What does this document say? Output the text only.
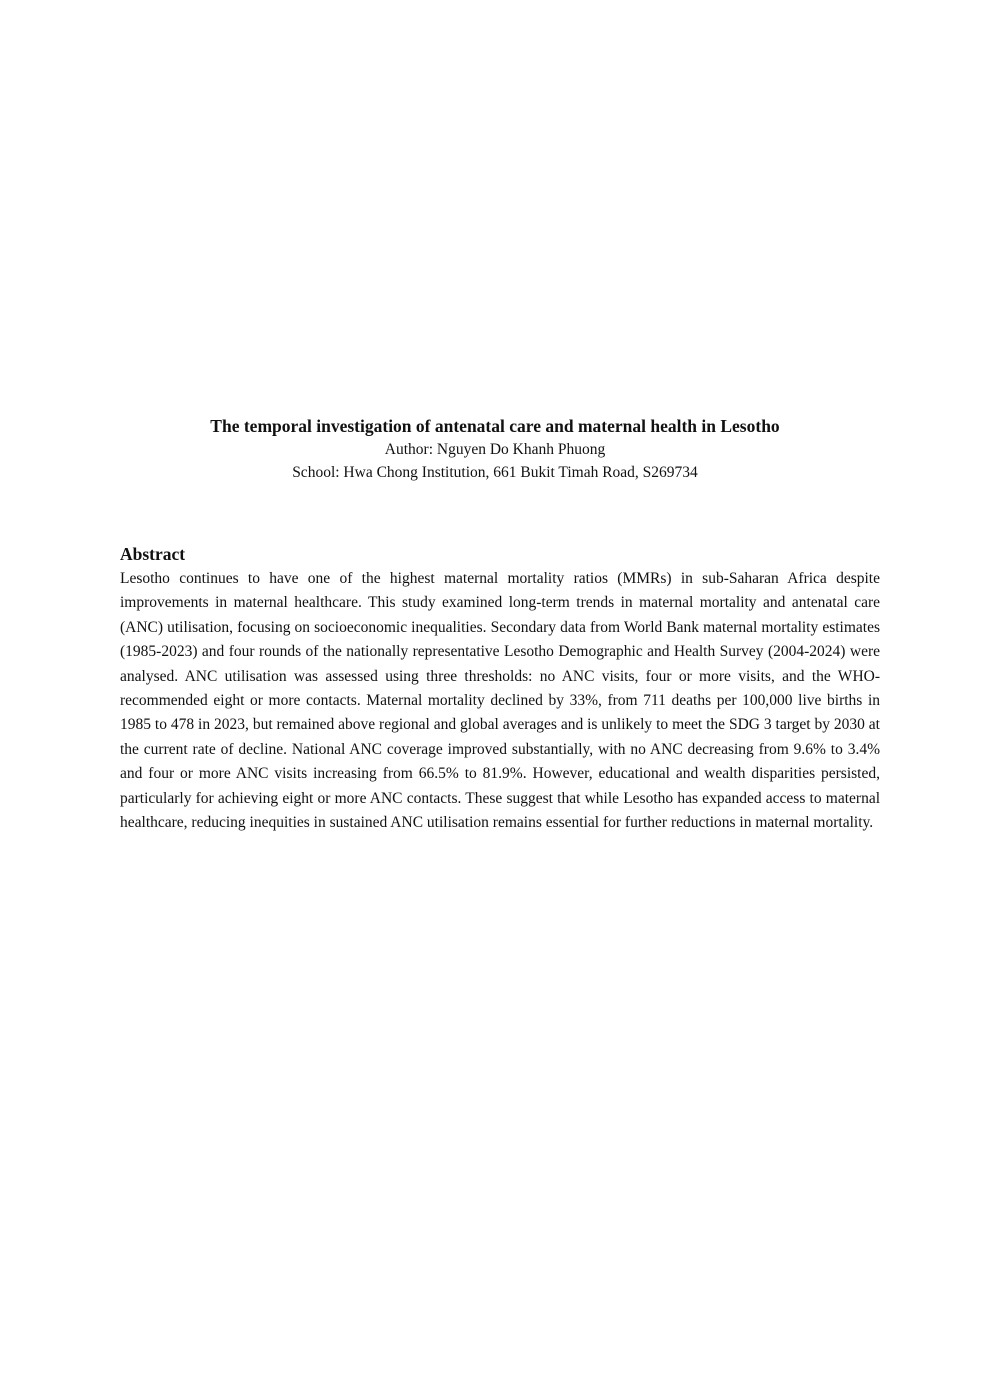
The temporal investigation of antenatal care and maternal health in Lesotho

Author: Nguyen Do Khanh Phuong

School: Hwa Chong Institution, 661 Bukit Timah Road, S269734

Abstract

Lesotho continues to have one of the highest maternal mortality ratios (MMRs) in sub-Saharan Africa despite improvements in maternal healthcare. This study examined long-term trends in maternal mortality and antenatal care (ANC) utilisation, focusing on socioeconomic inequalities. Secondary data from World Bank maternal mortality estimates (1985-2023) and four rounds of the nationally representative Lesotho Demographic and Health Survey (2004-2024) were analysed. ANC utilisation was assessed using three thresholds: no ANC visits, four or more visits, and the WHO-recommended eight or more contacts. Maternal mortality declined by 33%, from 711 deaths per 100,000 live births in 1985 to 478 in 2023, but remained above regional and global averages and is unlikely to meet the SDG 3 target by 2030 at the current rate of decline. National ANC coverage improved substantially, with no ANC decreasing from 9.6% to 3.4% and four or more ANC visits increasing from 66.5% to 81.9%. However, educational and wealth disparities persisted, particularly for achieving eight or more ANC contacts. These suggest that while Lesotho has expanded access to maternal healthcare, reducing inequities in sustained ANC utilisation remains essential for further reductions in maternal mortality.
